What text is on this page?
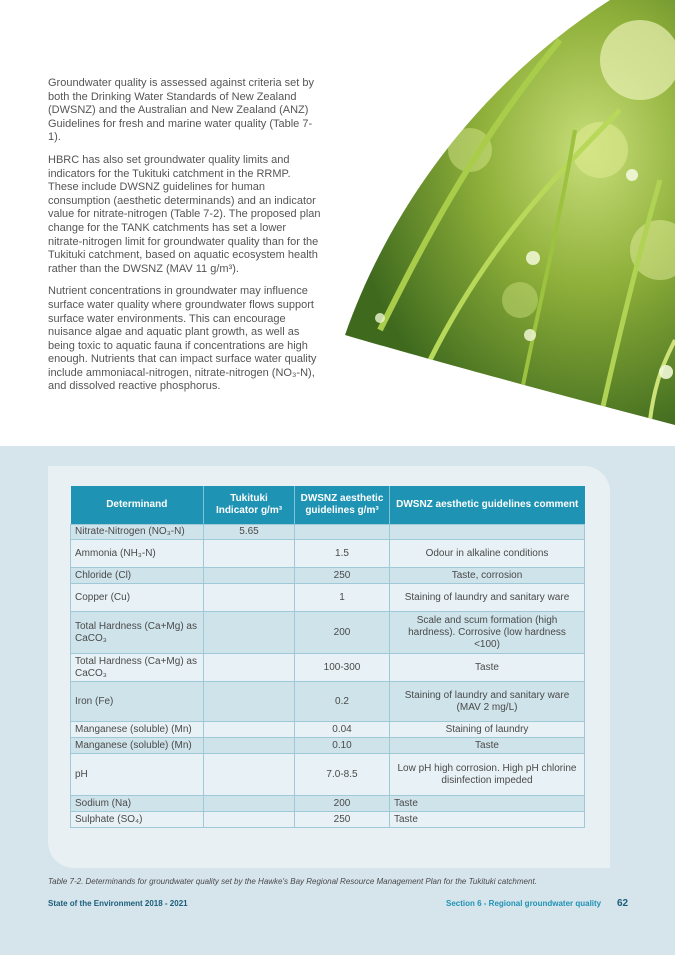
Groundwater quality is assessed against criteria set by both the Drinking Water Standards of New Zealand (DWSNZ) and the Australian and New Zealand (ANZ) Guidelines for fresh and marine water quality (Table 7-1).

HBRC has also set groundwater quality limits and indicators for the Tukituki catchment in the RRMP. These include DWSNZ guidelines for human consumption (aesthetic determinands) and an indicator value for nitrate-nitrogen (Table 7-2). The proposed plan change for the TANK catchments has set a lower nitrate-nitrogen limit for groundwater quality than for the Tukituki catchment, based on aquatic ecosystem health rather than the DWSNZ (MAV 11 g/m³).

Nutrient concentrations in groundwater may influence surface water quality where groundwater flows support surface water environments. This can encourage nuisance algae and aquatic plant growth, as well as being toxic to aquatic fauna if concentrations are high enough. Nutrients that can impact surface water quality include ammoniacal-nitrogen, nitrate-nitrogen (NO₃-N), and dissolved reactive phosphorus.

Determinand	Tukituki Indicator g/m³	DWSNZ aesthetic guidelines g/m³	DWSNZ aesthetic guidelines comment
Nitrate-Nitrogen (NO₃-N)	5.65		
Ammonia (NH₃-N)		1.5	Odour in alkaline conditions
Chloride (Cl)		250	Taste, corrosion
Copper (Cu)		1	Staining of laundry and sanitary ware
Total Hardness (Ca+Mg) as CaCO₃		200	Scale and scum formation (high hardness). Corrosive (low hardness <100)
Total Hardness (Ca+Mg) as CaCO₃		100-300	Taste
Iron (Fe)		0.2	Staining of laundry and sanitary ware (MAV 2 mg/L)
Manganese (soluble) (Mn)		0.04	Staining of laundry
Manganese (soluble) (Mn)		0.10	Taste
pH		7.0-8.5	Low pH high corrosion. High pH chlorine disinfection impeded
Sodium (Na)		200	Taste
Sulphate (SO₄)		250	Taste
Table 7-2. Determinands for groundwater quality set by the Hawke's Bay Regional Resource Management Plan for the Tukituki catchment.
State of the Environment 2018 - 2021	Section 6 - Regional groundwater quality 62
